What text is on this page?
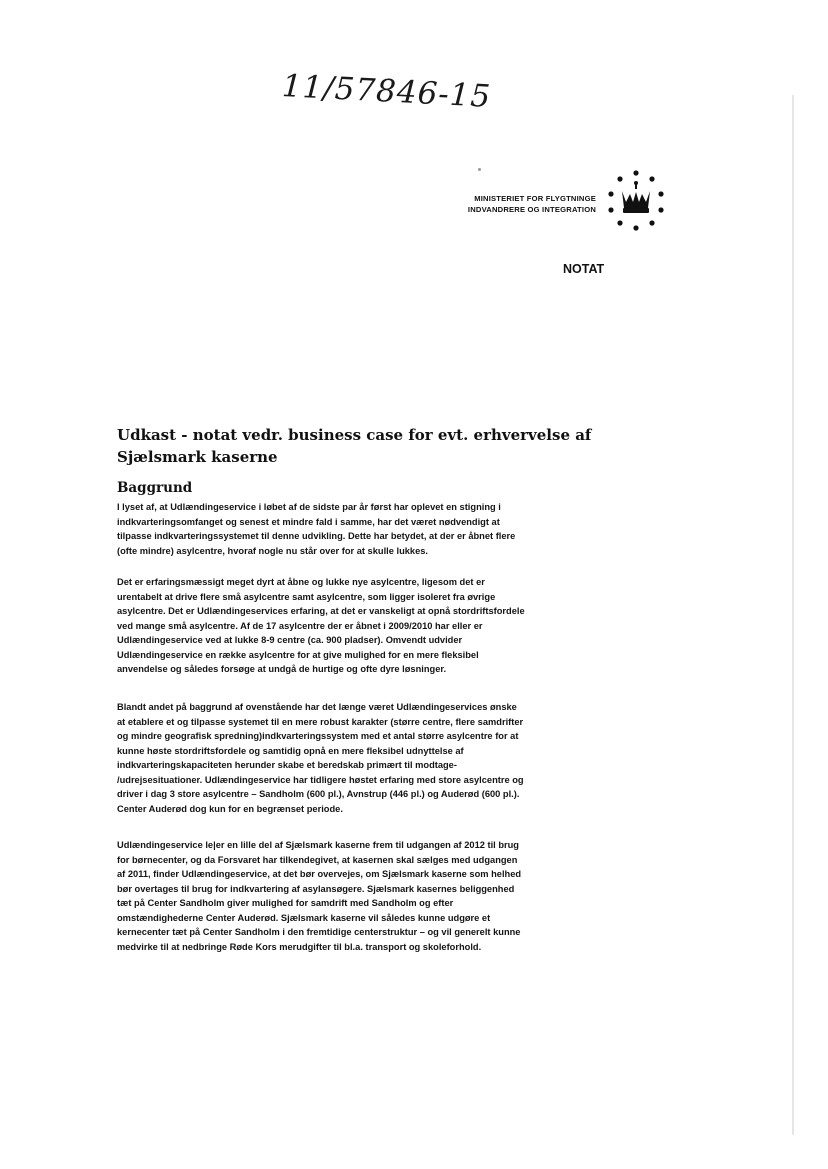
11/57846-15

MINISTERIET FOR FLYGTNINGE
INDVANDRERE OG INTEGRATION

NOTAT

Udkast - notat vedr. business case for evt. erhvervelse af Sjælsmark kaserne
Baggrund

I lyset af, at Udlændingeservice i løbet af de sidste par år først har oplevet en stigning i
indkvarteringsomfanget og senest et mindre fald i samme, har det været nødvendigt at
tilpasse indkvarteringssystemet til denne udvikling. Dette har betydet, at der er åbnet flere
(ofte mindre) asylcentre, hvoraf nogle nu står over for at skulle lukkes.

Det er erfaringsmæssigt meget dyrt at åbne og lukke nye asylcentre, ligesom det er
urentabelt at drive flere små asylcentre samt asylcentre, som ligger isoleret fra øvrige
asylcentre. Det er Udlændingeservices erfaring, at det er vanskeligt at opnå stordriftsfordele
ved mange små asylcentre. Af de 17 asylcentre der er åbnet i 2009/2010 har eller er
Udlændingeservice ved at lukke 8-9 centre (ca. 900 pladser). Omvendt udvider
Udlændingeservice en række asylcentre for at give mulighed for en mere fleksibel
anvendelse og således forsøge at undgå de hurtige og ofte dyre løsninger.

Blandt andet på baggrund af ovenstående har det længe været Udlændingeservices ønske
at etablere et og tilpasse systemet til en mere robust karakter (større centre, flere samdrifter
og mindre geografisk spredning)indkvarteringssystem med et antal større asylcentre for at
kunne høste stordriftsfordele og samtidig opnå en mere fleksibel udnyttelse af
indkvarteringskapaciteten herunder skabe et beredskab primært til modtage-
/udrejsesituationer. Udlændingeservice har tidligere høstet erfaring med store asylcentre og
driver i dag 3 store asylcentre – Sandholm (600 pl.), Avnstrup (446 pl.) og Auderød (600 pl.).
Center Auderød dog kun for en begrænset periode.

Udlændingeservice le|er en lille del af Sjælsmark kaserne frem til udgangen af 2012 til brug
for børnecenter, og da Forsvaret har tilkendegivet, at kasernen skal sælges med udgangen
af 2011, finder Udlændingeservice, at det bør overvejes, om Sjælsmark kaserne som helhed
bør overtages til brug for indkvartering af asylansøgere. Sjælsmark kasernes beliggenhed
tæt på Center Sandholm giver mulighed for samdrift med Sandholm og efter
omstændighederne Center Auderød. Sjælsmark kaserne vil således kunne udgøre et
kernecenter tæt på Center Sandholm i den fremtidige centerstruktur – og vil generelt kunne
medvirke til at nedbringe Røde Kors merudgifter til bl.a. transport og skoleforhold.
